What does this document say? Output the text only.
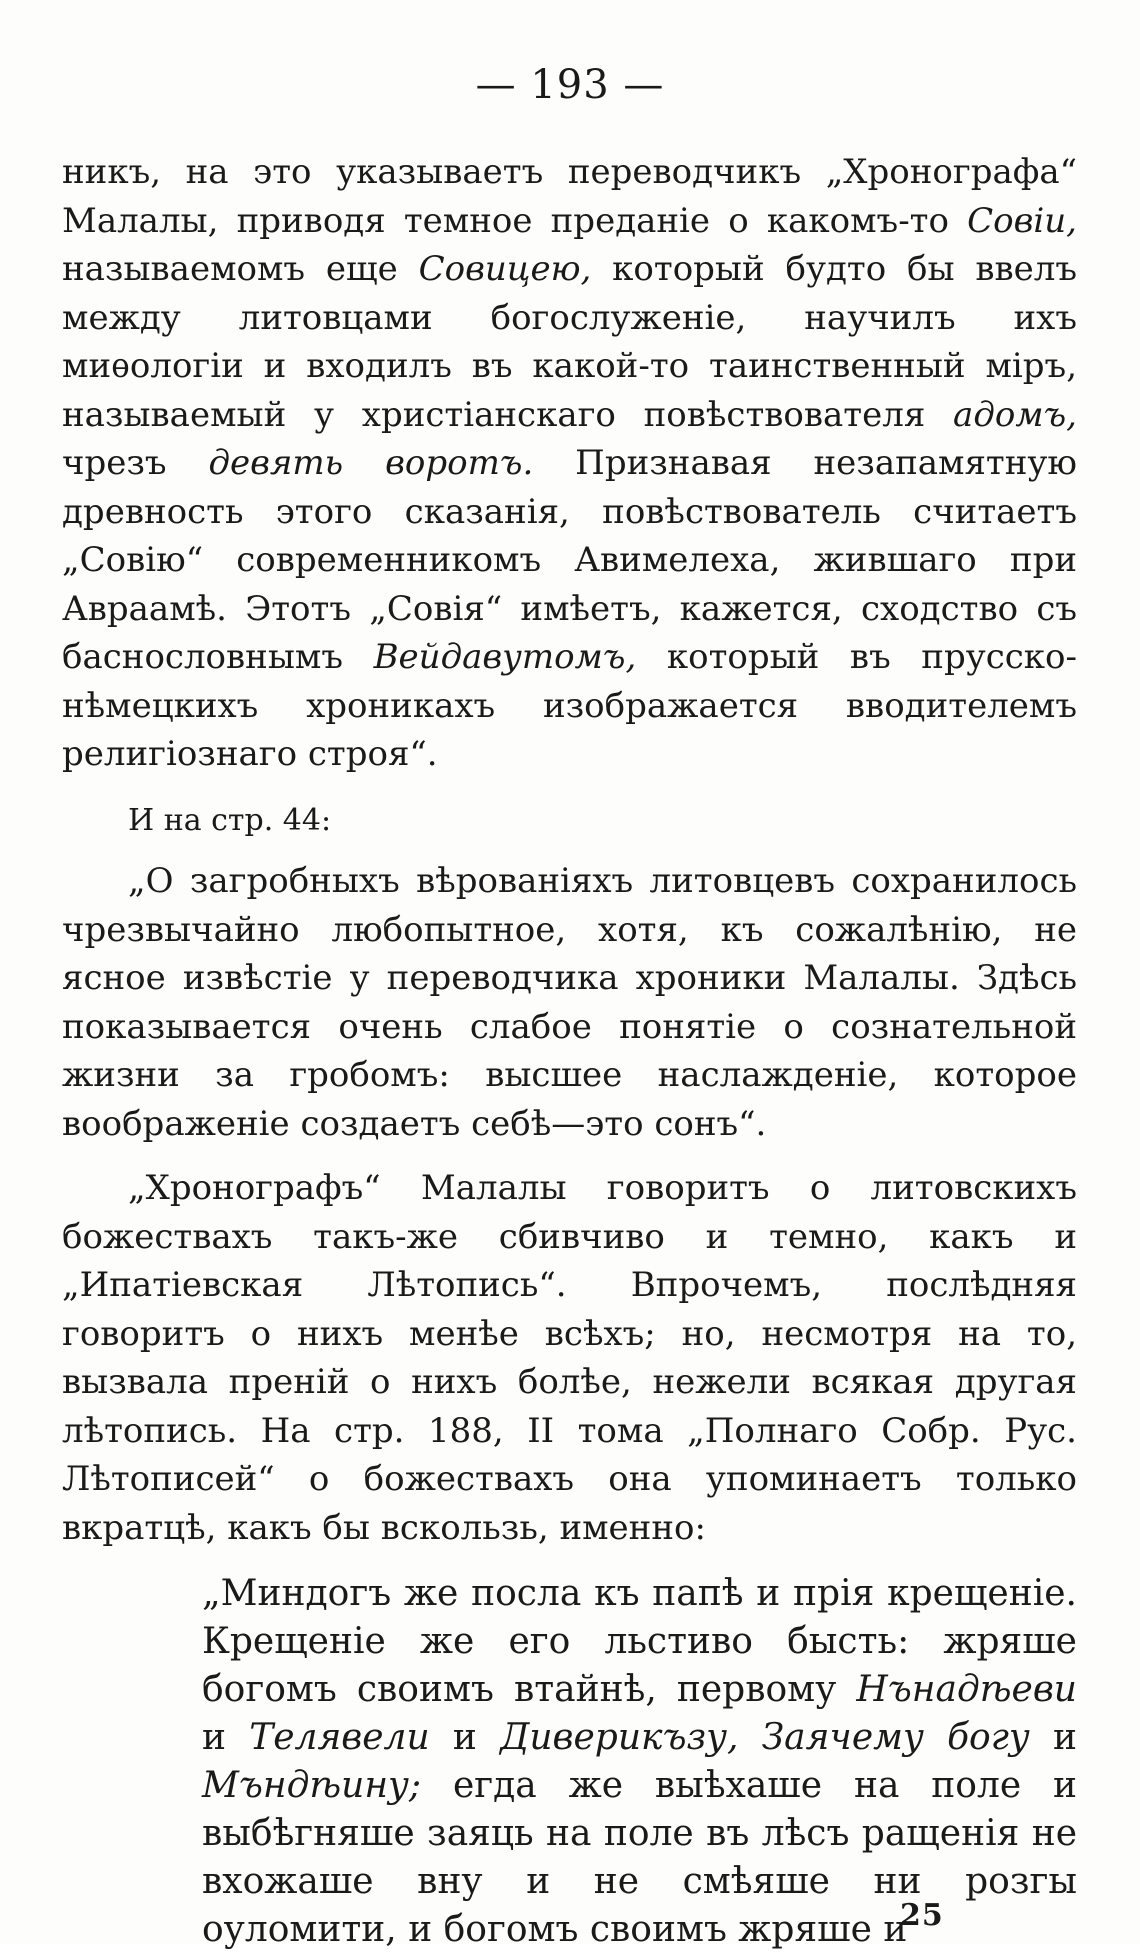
— 193 —

никъ, на это указываетъ переводчикъ „Хронографа“ Малалы, приводя темное преданіе о какомъ-то Совіи, называемомъ еще Совицею, который будто бы ввелъ между литовцами богослуженіе, научилъ ихъ миѳологіи и входилъ въ какой-то таинственный міръ, называемый у христіанскаго повѣствователя адомъ, чрезъ девять воротъ. Признавая незапамятную древность этого сказанія, повѣствователь считаетъ „Совію“ современникомъ Авимелеха, жившаго при Авраамѣ. Этотъ „Совія“ имѣетъ, кажется, сходство съ баснословнымъ Вейдавутомъ, который въ прусско-нѣмецкихъ хроникахъ изображается вводителемъ религіознаго строя“.

И на стр. 44:

„О загробныхъ вѣрованіяхъ литовцевъ сохранилось чрезвычайно любопытное, хотя, къ сожалѣнію, не ясное извѣстіе у переводчика хроники Малалы. Здѣсь показывается очень слабое понятіе о сознательной жизни за гробомъ: высшее наслажденіе, которое воображеніе создаетъ себѣ—это сонъ“.

„Хронографъ“ Малалы говоритъ о литовскихъ божествахъ такъ-же сбивчиво и темно, какъ и „Ипатіевская Лѣтопись“. Впрочемъ, послѣдняя говоритъ о нихъ менѣе всѣхъ; но, несмотря на то, вызвала преній о нихъ болѣе, нежели всякая другая лѣтопись. На стр. 188, II тома „Полнаго Собр. Рус. Лѣтописей“ о божествахъ она упоминаетъ только вкратцѣ, какъ бы вскользь, именно:

„Миндогъ же посла къ папѣ и прія крещеніе. Крещеніе же его льстиво бысть: жряше богомъ своимъ втайнѣ, первому Нънадѣеви и Телявели и Диверикъзу, Заячему богу и Мъндѣину; егда же выѣхаше на поле и выбѣгняше заяць на поле въ лѣсъ ращенія не вхожаше вну и не смѣяше ни розгы оуломити, и богомъ своимъ жряше и

25
